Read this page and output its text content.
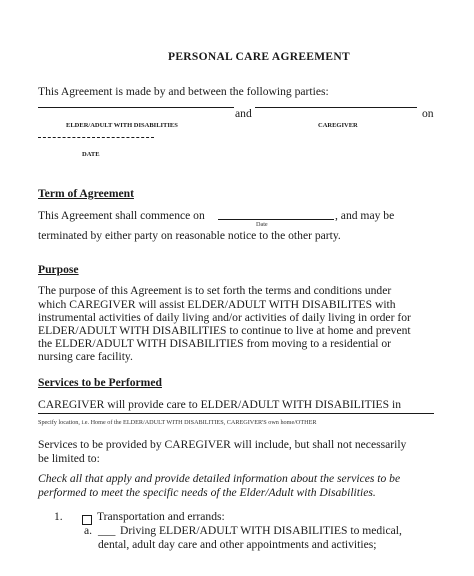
PERSONAL CARE AGREEMENT
This Agreement is made by and between the following parties:
and	on
ELDER/ADULT WITH DISABILITIES	CAREGIVER
DATE
Term of Agreement
This Agreement shall commence on	, and may be
Date
terminated by either party on reasonable notice to the other party.
Purpose
The purpose of this Agreement is to set forth the terms and conditions under
which CAREGIVER will assist ELDER/ADULT WITH DISABILITES with
instrumental activities of daily living and/or activities of daily living in order for
ELDER/ADULT WITH DISABILITIES to continue to live at home and prevent
the ELDER/ADULT WITH DISABILITIES from moving to a residential or
nursing care facility.
Services to be Performed
CAREGIVER will provide care to ELDER/ADULT WITH DISABILITIES in
Specify location, i.e. Home of the ELDER/ADULT WITH DISABILITIES, CAREGIVER'S own home/OTHER
Services to be provided by CAREGIVER will include, but shall not necessarily
be limited to:
Check all that apply and provide detailed information about the services to be
performed to meet the specific needs of the Elder/Adult with Disabilities.
1.	Transportation and errands:
a. ___ Driving ELDER/ADULT WITH DISABILITIES to medical,
dental, adult day care and other appointments and activities;
